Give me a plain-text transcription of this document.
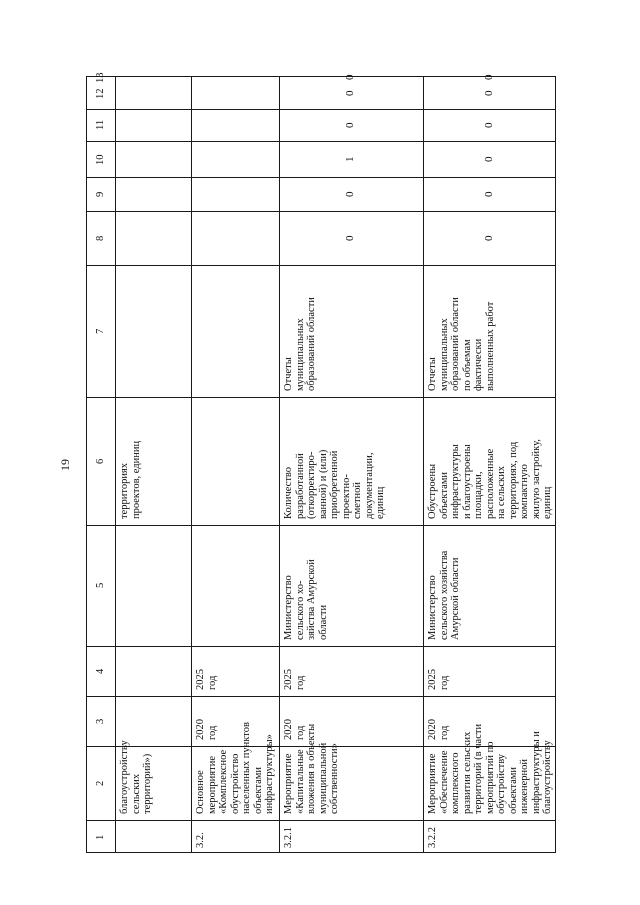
19
1
2
3
4
5
6
7
8
9
10
11
12
13
благоустройству сельских территорий»)
территориях проектов, единиц
3.2.
Основное мероприятие «Комплексное обустройство населенных пунктов объектами инфраструктуры»
2020 год
2025 год
3.2.1
Мероприятие «Капитальные вложения в объекты муниципальной собственности»
2020 год
2025 год
Министерство сельского хо- зяйства Амурской области
Количество разработанной (откорректиро- ванной) и (или) приобретенной проектно- сметной документации, единиц
Отчеты муниципальных образований области
0
0
1
0
0
0
3.2.2
Мероприятие «Обеспечение комплексного развития сельских территорий (в части мероприятий по обустройству объектами инженерной инфраструктуры и благоустройству
2020 год
2025 год
Министерство сельского хозяйства Амурской области
Обустроены объектами инфраструктуры и благоустроены площадки, расположенные на сельских территориях, под компактную жилую застройку, единиц
Отчеты муниципальных образований области по объемам фактически выполненных работ
0
0
0
0
0
0
